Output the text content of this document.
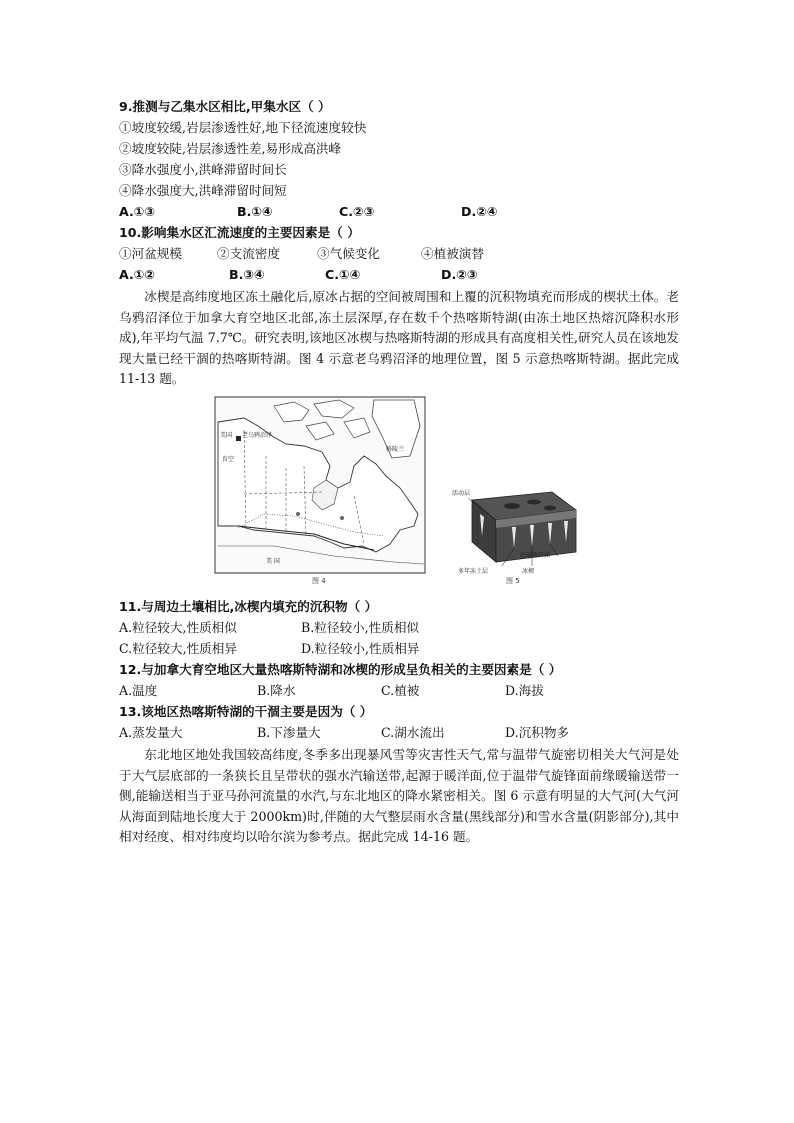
9.推测与乙集水区相比,甲集水区（ ）
①坡度较缓,岩层渗透性好,地下径流速度较快
②坡度较陡,岩层渗透性差,易形成高洪峰
③降水强度小,洪峰滞留时间长
④降水强度大,洪峰滞留时间短
A.①③	B.①④	C.②③	D.②④
10.影响集水区汇流速度的主要因素是（ ）
①河盆规模	②支流密度	③气候变化	④植被演替
A.①②	B.③④	C.①④	D.②③
冰楔是高纬度地区冻土融化后,原冰占据的空间被周围和上覆的沉积物填充而形成的楔状土体。老乌鸦沼泽位于加拿大育空地区北部,冻土层深厚,存在数千个热喀斯特湖(由冻土地区热熔沉降积水形成),年平均气温 7.7℃。研究表明,该地区冰楔与热喀斯特湖的形成具有高度相关性,研究人员在该地发现大量已经干涸的热喀斯特湖。图 4 示意老乌鸦沼泽的地理位置，图 5 示意热喀斯特湖。据此完成 11-13 题。
美国 老乌鸦沼泽
格陵兰
育空
美 国
图 4
活动层
热喀斯特湖
多年冻土层	冰楔
图 5
11.与周边土壤相比,冰楔内填充的沉积物（ ）
A.粒径较大,性质相似	B.粒径较小,性质相似
C.粒径较大,性质相异	D.粒径较小,性质相异
12.与加拿大育空地区大量热喀斯特湖和冰楔的形成呈负相关的主要因素是（ ）
A.温度	B.降水	C.植被	D.海拔
13.该地区热喀斯特湖的干涸主要是因为（ ）
A.蒸发量大	B.下渗量大	C.湖水流出	D.沉积物多
东北地区地处我国较高纬度,冬季多出现暴风雪等灾害性天气,常与温带气旋密切相关大气河是处于大气层底部的一条狭长且呈带状的强水汽输送带,起源于暖洋面,位于温带气旋锋面前缘暖输送带一侧,能输送相当于亚马孙河流量的水汽,与东北地区的降水紧密相关。图 6 示意有明显的大气河(大气河从海面到陆地长度大于 2000km)时,伴随的大气整层雨水含量(黑线部分)和雪水含量(阴影部分),其中相对经度、相对纬度均以哈尔滨为参考点。据此完成 14-16 题。
